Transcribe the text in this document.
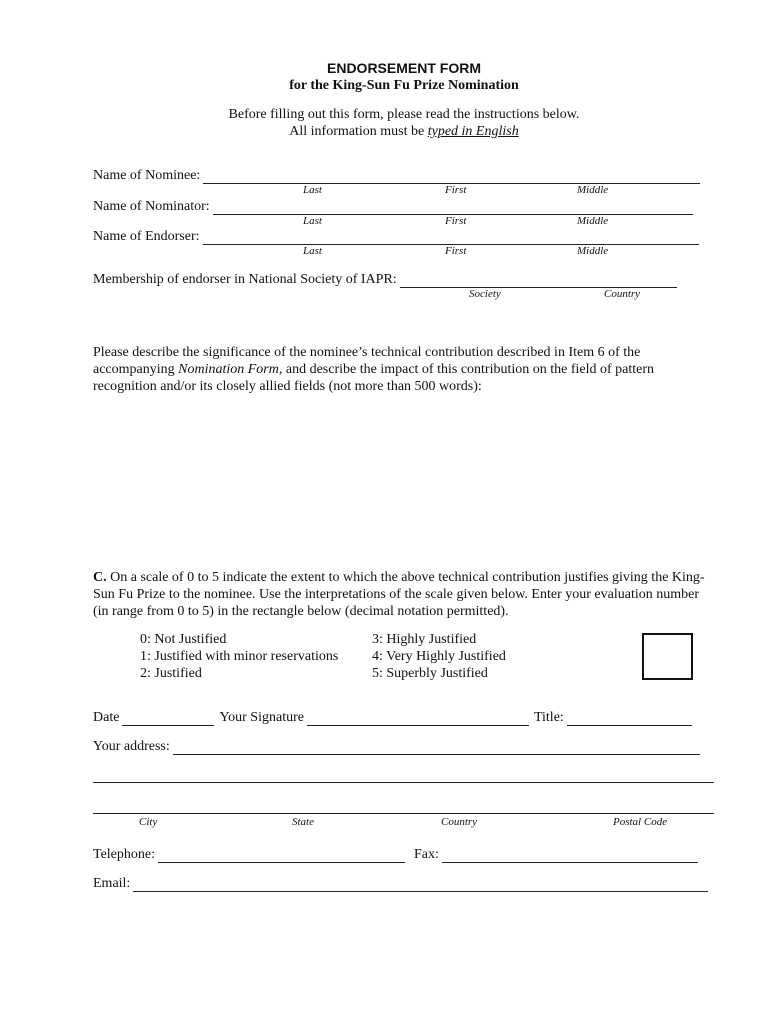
ENDORSEMENT FORM
for the King-Sun Fu Prize Nomination
Before filling out this form, please read the instructions below.
All information must be typed in English
Name of Nominee:
Last	First	Middle
Name of Nominator:
Last	First	Middle
Name of Endorser:
Last	First	Middle
Membership of endorser in National Society of IAPR:
Society	Country
Please describe the significance of the nominee’s technical contribution described in Item 6 of the accompanying Nomination Form, and describe the impact of this contribution on the field of pattern recognition and/or its closely allied fields (not more than 500 words):
C. On a scale of 0 to 5 indicate the extent to which the above technical contribution justifies giving the King-Sun Fu Prize to the nominee. Use the interpretations of the scale given below. Enter your evaluation number (in range from 0 to 5) in the rectangle below (decimal notation permitted).
0: Not Justified
1: Justified with minor reservations
2: Justified
3: Highly Justified
4: Very Highly Justified
5: Superbly Justified
Date	Your Signature	Title:
Your address:
City	State	Country	Postal Code
Telephone:	Fax:
Email:
